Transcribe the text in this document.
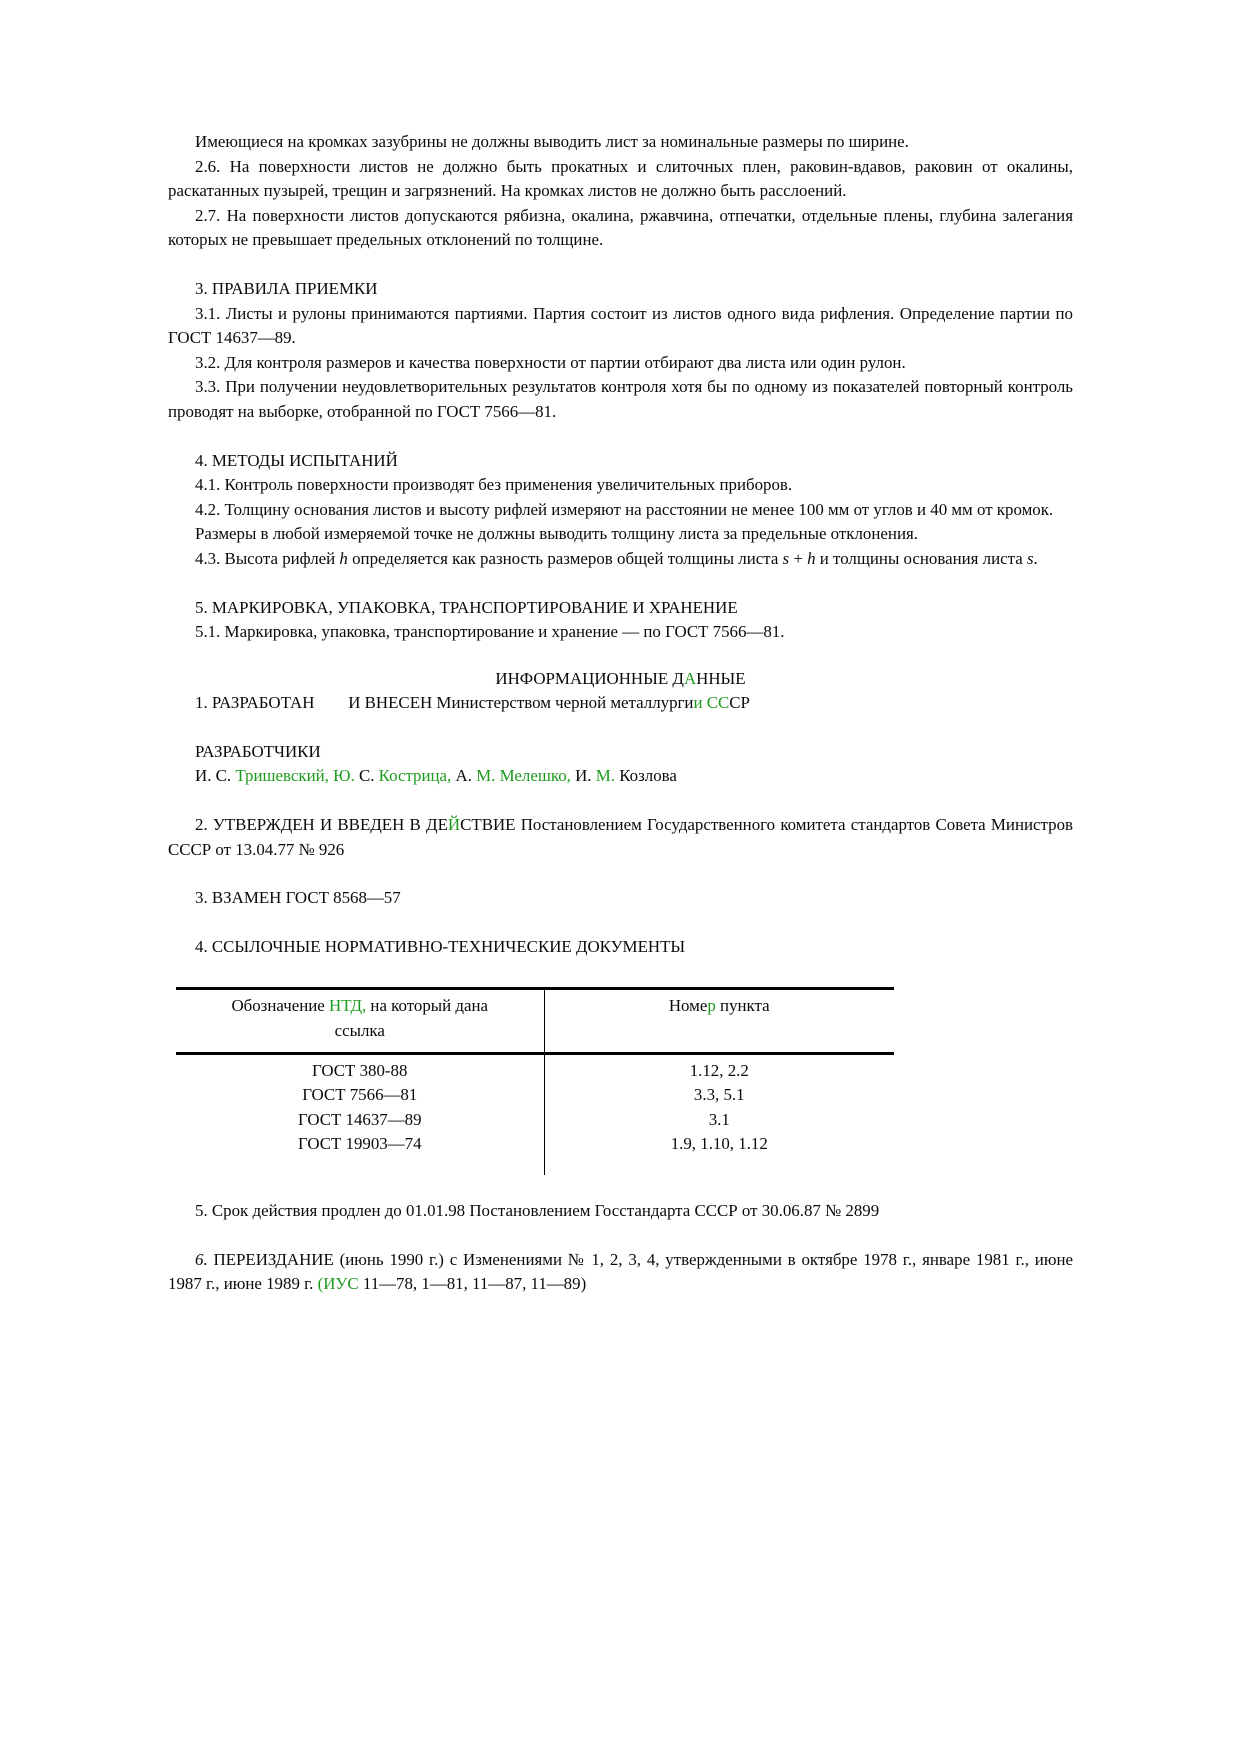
Имеющиеся на кромках зазубрины не должны выводить лист за номинальные размеры по ширине.
2.6. На поверхности листов не должно быть прокатных и слиточных плен, раковин-вдавов, раковин от окалины, раскатанных пузырей, трещин и загрязнений. На кромках листов не должно быть расслоений.
2.7. На поверхности листов допускаются рябизна, окалина, ржавчина, отпечатки, отдельные плены, глубина залегания которых не превышает предельных отклонений по толщине.
3. ПРАВИЛА ПРИЕМКИ
3.1. Листы и рулоны принимаются партиями. Партия состоит из листов одного вида рифления. Определение партии по ГОСТ 14637—89.
3.2. Для контроля размеров и качества поверхности от партии отбирают два листа или один рулон.
3.3. При получении неудовлетворительных результатов контроля хотя бы по одному из показателей повторный контроль проводят на выборке, отобранной по ГОСТ 7566—81.
4. МЕТОДЫ ИСПЫТАНИЙ
4.1. Контроль поверхности производят без применения увеличительных приборов.
4.2. Толщину основания листов и высоту рифлей измеряют на расстоянии не менее 100 мм от углов и 40 мм от кромок.
Размеры в любой измеряемой точке не должны выводить толщину листа за предельные отклонения.
4.3. Высота рифлей h определяется как разность размеров общей толщины листа s + h и толщины основания листа s.
5. МАРКИРОВКА, УПАКОВКА, ТРАНСПОРТИРОВАНИЕ И ХРАНЕНИЕ
5.1. Маркировка, упаковка, транспортирование и хранение — по ГОСТ 7566—81.
ИНФОРМАЦИОННЫЕ ДАННЫЕ
1. РАЗРАБОТАН  И ВНЕСЕН Министерством черной металлургии СССР
РАЗРАБОТЧИКИ
И. С. Тришевский, Ю. С. Кострица, А. М. Мелешко, И. М. Козлова
2. УТВЕРЖДЕН И ВВЕДЕН В ДЕЙСТВИЕ Постановлением Государственного комитета стандартов Совета Министров СССР от 13.04.77 № 926
3. ВЗАМЕН ГОСТ 8568—57
4. ССЫЛОЧНЫЕ НОРМАТИВНО-ТЕХНИЧЕСКИЕ ДОКУМЕНТЫ
Обозначение НТД, на который дана ссылка	Номер пункта
ГОСТ 380-88	1.12, 2.2
ГОСТ 7566—81	3.3, 5.1
ГОСТ 14637—89	3.1
ГОСТ 19903—74	1.9, 1.10, 1.12
5. Срок действия продлен до 01.01.98 Постановлением Госстандарта СССР от 30.06.87 № 2899
6. ПЕРЕИЗДАНИЕ (июнь 1990 г.) с Изменениями № 1, 2, 3, 4, утвержденными в октябре 1978 г., январе 1981 г., июне 1987 г., июне 1989 г. (ИУС 11—78, 1—81, 11—87, 11—89)
